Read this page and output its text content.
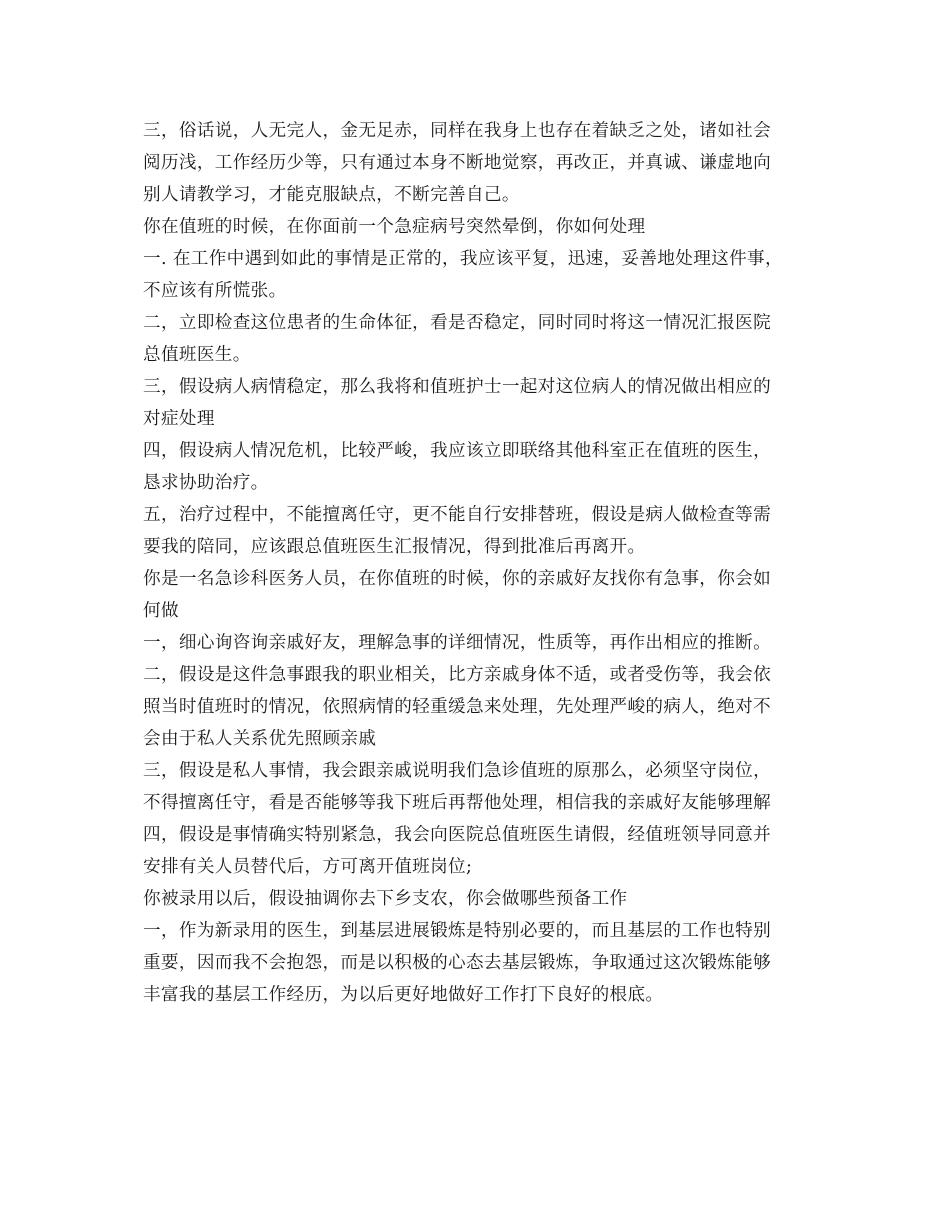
三，俗话说，人无完人，金无足赤，同样在我身上也存在着缺乏之处，诸如社会
阅历浅，工作经历少等，只有通过本身不断地觉察，再改正，并真诚、谦虚地向
别人请教学习，才能克服缺点，不断完善自己。
你在值班的时候，在你面前一个急症病号突然晕倒，你如何处理
一. 在工作中遇到如此的事情是正常的，我应该平复，迅速，妥善地处理这件事，
不应该有所慌张。
二，立即检查这位患者的生命体征，看是否稳定，同时同时将这一情况汇报医院
总值班医生。
三，假设病人病情稳定，那么我将和值班护士一起对这位病人的情况做出相应的
对症处理
四，假设病人情况危机，比较严峻，我应该立即联络其他科室正在值班的医生，
恳求协助治疗。
五，治疗过程中，不能擅离任守，更不能自行安排替班，假设是病人做检查等需
要我的陪同，应该跟总值班医生汇报情况，得到批准后再离开。
你是一名急诊科医务人员，在你值班的时候，你的亲戚好友找你有急事，你会如
何做
一，细心询咨询亲戚好友，理解急事的详细情况，性质等，再作出相应的推断。
二，假设是这件急事跟我的职业相关，比方亲戚身体不适，或者受伤等，我会依
照当时值班时的情况，依照病情的轻重缓急来处理，先处理严峻的病人，绝对不
会由于私人关系优先照顾亲戚
三，假设是私人事情，我会跟亲戚说明我们急诊值班的原那么，必须坚守岗位，
不得擅离任守，看是否能够等我下班后再帮他处理，相信我的亲戚好友能够理解
四，假设是事情确实特别紧急，我会向医院总值班医生请假，经值班领导同意并
安排有关人员替代后，方可离开值班岗位;
你被录用以后，假设抽调你去下乡支农，你会做哪些预备工作
一，作为新录用的医生，到基层进展锻炼是特别必要的，而且基层的工作也特别
重要，因而我不会抱怨，而是以积极的心态去基层锻炼，争取通过这次锻炼能够
丰富我的基层工作经历，为以后更好地做好工作打下良好的根底。
